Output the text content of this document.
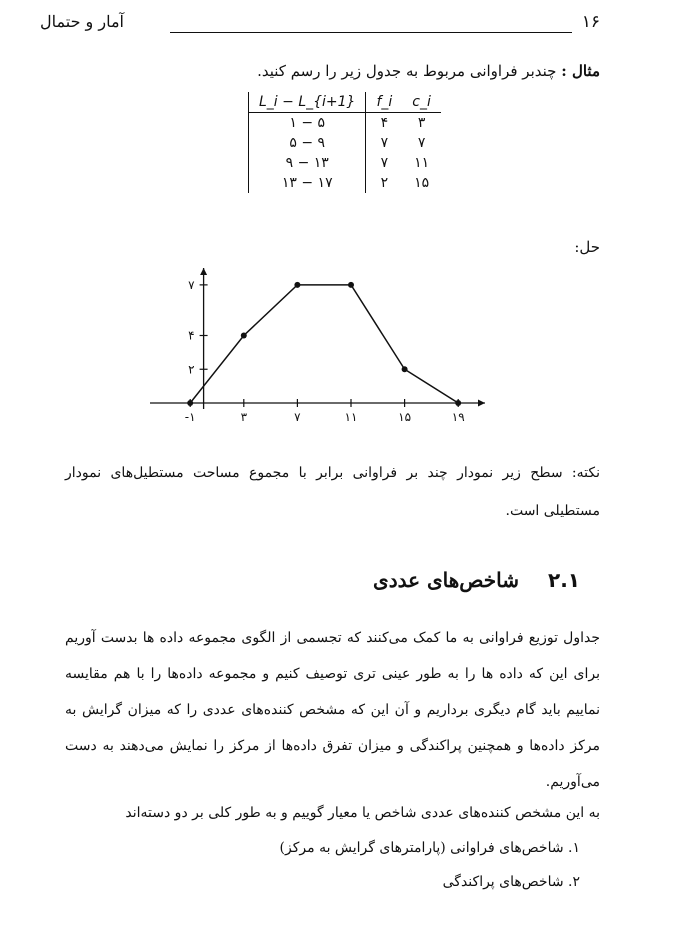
۱۶
آمار و حتمال
مثال : چندبر فراوانی مربوط به جدول زیر را رسم کنید.
L_i − L_{i+1}	f_i	c_i
۱ − ۵	۴	۳
۵ − ۹	۷	۷
۹ − ۱۳	۷	۱۱
۱۳ − ۱۷	۲	۱۵
حل:
-۱	۳	۷	۱۱	۱۵	۱۹
۲
۴
۷
نکته: سطح زیر نمودار چند بر فراوانی برابر با مجموع مساحت مستطیل‌های نمودار مستطیلی است.
۲.۱ شاخص‌های عددی
جداول توزیع فراوانی به ما کمک می‌کنند که تجسمی از الگوی مجموعه داده ها بدست آوریم برای این که داده ها را به طور عینی تری توصیف کنیم و مجموعه داده‌ها را با هم مقایسه نماییم باید گام دیگری برداریم و آن این که مشخص کننده‌های عددی را که میزان گرایش به مرکز داده‌ها و همچنین پراکندگی و میزان تفرق داده‌ها از مرکز را نمایش می‌دهند به دست می‌آوریم.
به این مشخص کننده‌های عددی شاخص یا معیار گوییم و به طور کلی بر دو دسته‌اند
۱. شاخص‌های فراوانی (پارامترهای گرایش به مرکز)
۲. شاخص‌های پراکندگی
